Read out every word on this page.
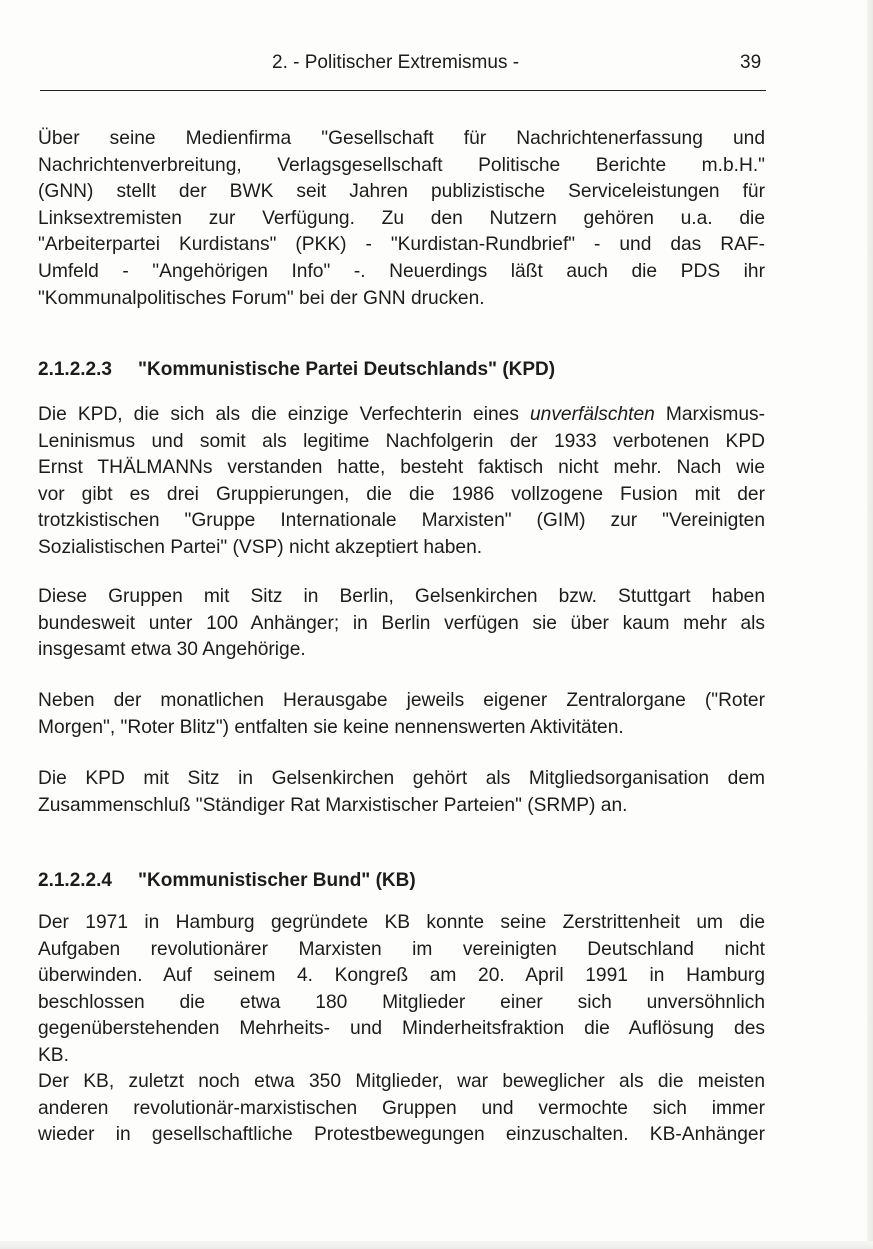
2. - Politischer Extremismus -	39
Über seine Medienfirma "Gesellschaft für Nachrichtenerfassung und
Nachrichtenverbreitung, Verlagsgesellschaft Politische Berichte m.b.H."
(GNN) stellt der BWK seit Jahren publizistische Serviceleistungen für
Linksextremisten zur Verfügung. Zu den Nutzern gehören u.a. die
"Arbeiterpartei Kurdistans" (PKK) - "Kurdistan-Rundbrief" - und das RAF-
Umfeld - "Angehörigen Info" -. Neuerdings läßt auch die PDS ihr
"Kommunalpolitisches Forum" bei der GNN drucken.
2.1.2.2.3 "Kommunistische Partei Deutschlands" (KPD)
Die KPD, die sich als die einzige Verfechterin eines unverfälschten Marxismus-
Leninismus und somit als legitime Nachfolgerin der 1933 verbotenen KPD
Ernst THÄLMANNs verstanden hatte, besteht faktisch nicht mehr. Nach wie
vor gibt es drei Gruppierungen, die die 1986 vollzogene Fusion mit der
trotzkistischen "Gruppe Internationale Marxisten" (GIM) zur "Vereinigten
Sozialistischen Partei" (VSP) nicht akzeptiert haben.
Diese Gruppen mit Sitz in Berlin, Gelsenkirchen bzw. Stuttgart haben
bundesweit unter 100 Anhänger; in Berlin verfügen sie über kaum mehr als
insgesamt etwa 30 Angehörige.
Neben der monatlichen Herausgabe jeweils eigener Zentralorgane ("Roter
Morgen", "Roter Blitz") entfalten sie keine nennenswerten Aktivitäten.
Die KPD mit Sitz in Gelsenkirchen gehört als Mitgliedsorganisation dem
Zusammenschluß "Ständiger Rat Marxistischer Parteien" (SRMP) an.
2.1.2.2.4 "Kommunistischer Bund" (KB)
Der 1971 in Hamburg gegründete KB konnte seine Zerstrittenheit um die
Aufgaben revolutionärer Marxisten im vereinigten Deutschland nicht
überwinden. Auf seinem 4. Kongreß am 20. April 1991 in Hamburg
beschlossen die etwa 180 Mitglieder einer sich unversöhnlich
gegenüberstehenden Mehrheits- und Minderheitsfraktion die Auflösung des
KB.
Der KB, zuletzt noch etwa 350 Mitglieder, war beweglicher als die meisten
anderen revolutionär-marxistischen Gruppen und vermochte sich immer
wieder in gesellschaftliche Protestbewegungen einzuschalten. KB-Anhänger
